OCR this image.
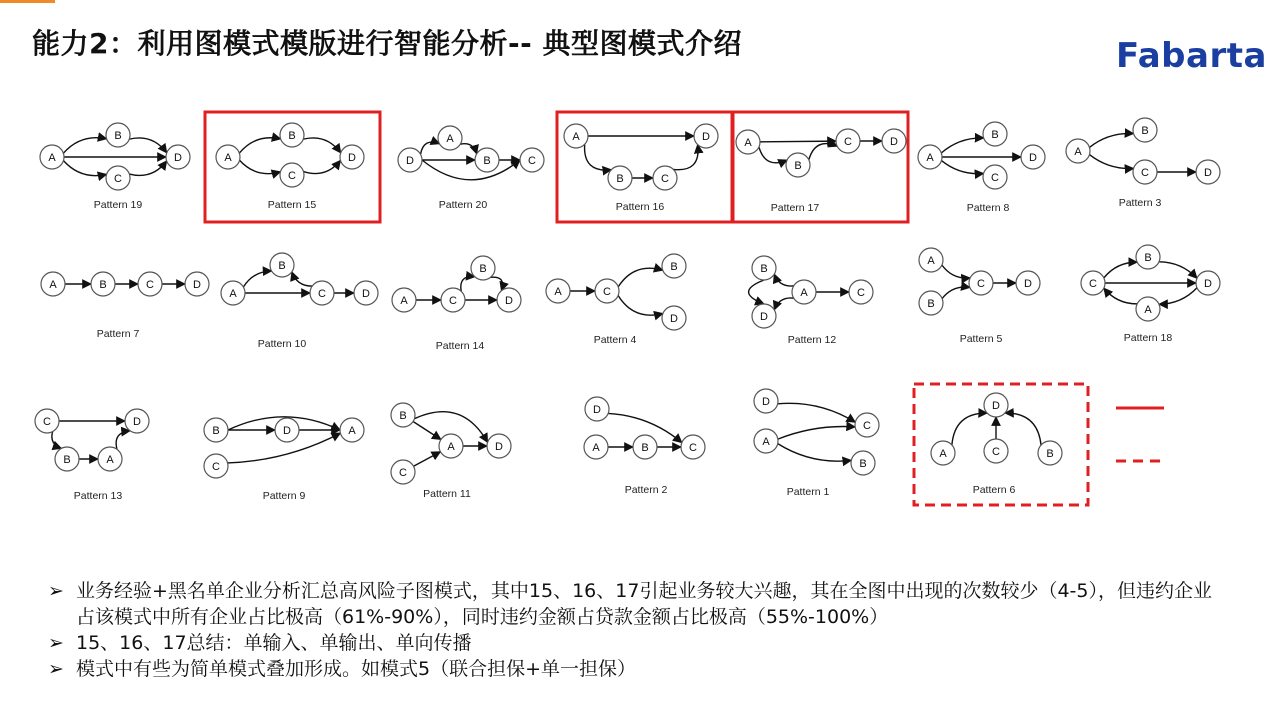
能力2：利用图模式模版进行智能分析-- 典型图模式介绍	Fabarta
A
B
C
D	A
B
C
D
A
B	C
D
A
B	C
D	A
B
C	D
A
B
C
D	A
B
C	D
A	B	C	D
A
B
C	D
A
B
C	D
A
B
C
D
A
B
C
D
A
B
C	D
A
B
C	D
A
B
C	D
A
B
C
D
A
B
C
D	A	B	C
D
A
B
C
D
A	B
C
D
Pattern 19	Pattern 15	Pattern 20	Pattern 16	Pattern 17	Pattern 8	Pattern 3
Pattern 7
Pattern 10	Pattern 14	Pattern 4	Pattern 12	Pattern 5	Pattern 18
Pattern 13	Pattern 9	Pattern 11	Pattern 2	Pattern 1	Pattern 6
➢ 业务经验+黑名单企业分析汇总高风险子图模式，其中15、16、17引起业务较大兴趣，其在全图中出现的次数较少（4-5），但违约企业占该模式中所有企业占比极高（61%-90%），同时违约金额占贷款金额占比极高（55%-100%）
➢ 15、16、17总结：单输入、单输出、单向传播
➢ 模式中有些为简单模式叠加形成。如模式5（联合担保+单一担保）
